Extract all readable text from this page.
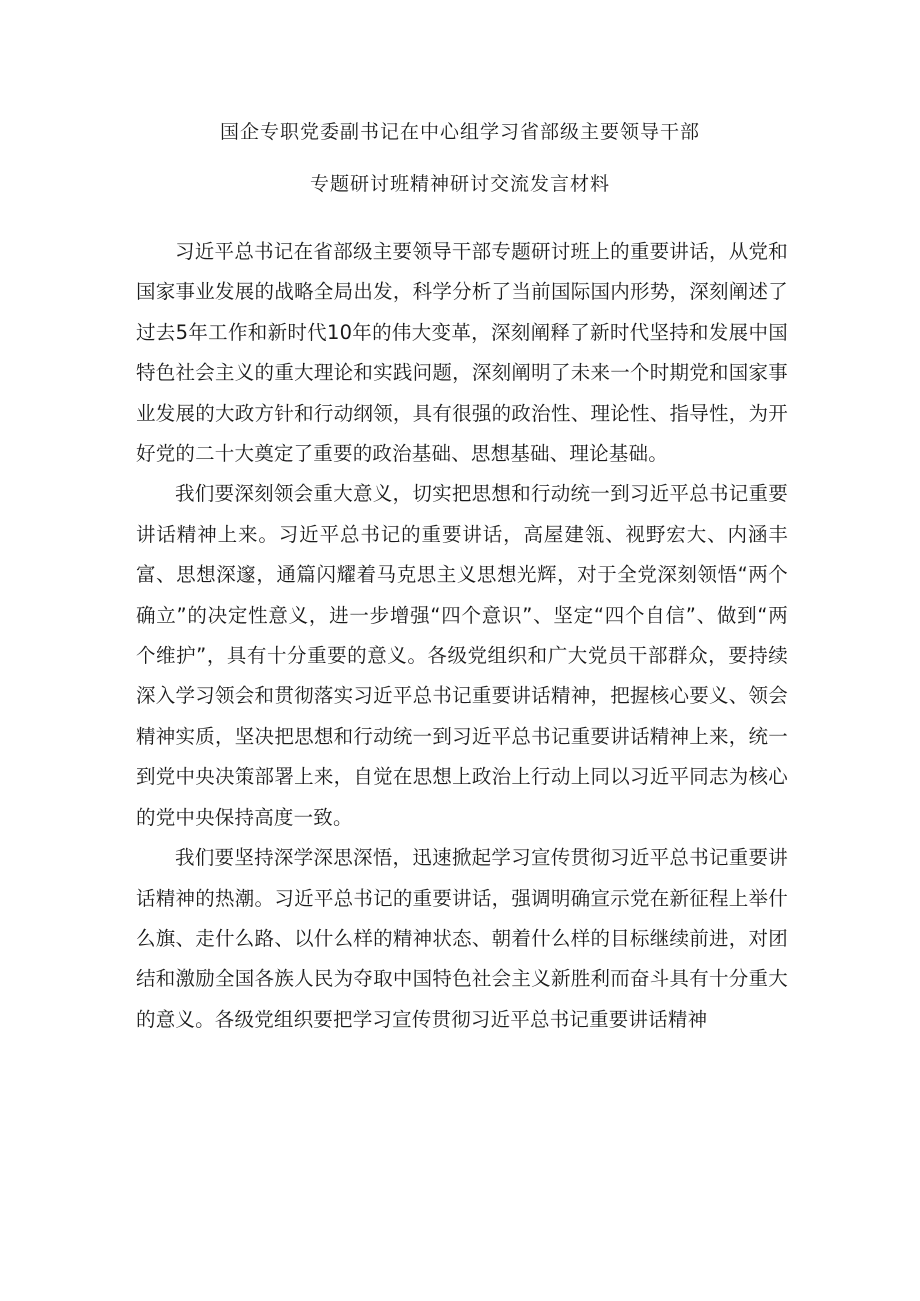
国企专职党委副书记在中心组学习省部级主要领导干部
专题研讨班精神研讨交流发言材料

习近平总书记在省部级主要领导干部专题研讨班上的重要讲话，从党和国家事业发展的战略全局出发，科学分析了当前国际国内形势，深刻阐述了过去5年工作和新时代10年的伟大变革，深刻阐释了新时代坚持和发展中国特色社会主义的重大理论和实践问题，深刻阐明了未来一个时期党和国家事业发展的大政方针和行动纲领，具有很强的政治性、理论性、指导性，为开好党的二十大奠定了重要的政治基础、思想基础、理论基础。

我们要深刻领会重大意义，切实把思想和行动统一到习近平总书记重要讲话精神上来。习近平总书记的重要讲话，高屋建瓴、视野宏大、内涵丰富、思想深邃，通篇闪耀着马克思主义思想光辉，对于全党深刻领悟“两个确立”的决定性意义，进一步增强“四个意识”、坚定“四个自信”、做到“两个维护”，具有十分重要的意义。各级党组织和广大党员干部群众，要持续深入学习领会和贯彻落实习近平总书记重要讲话精神，把握核心要义、领会精神实质，坚决把思想和行动统一到习近平总书记重要讲话精神上来，统一到党中央决策部署上来，自觉在思想上政治上行动上同以习近平同志为核心的党中央保持高度一致。

我们要坚持深学深思深悟，迅速掀起学习宣传贯彻习近平总书记重要讲话精神的热潮。习近平总书记的重要讲话，强调明确宣示党在新征程上举什么旗、走什么路、以什么样的精神状态、朝着什么样的目标继续前进，对团结和激励全国各族人民为夺取中国特色社会主义新胜利而奋斗具有十分重大的意义。各级党组织要把学习宣传贯彻习近平总书记重要讲话精神
